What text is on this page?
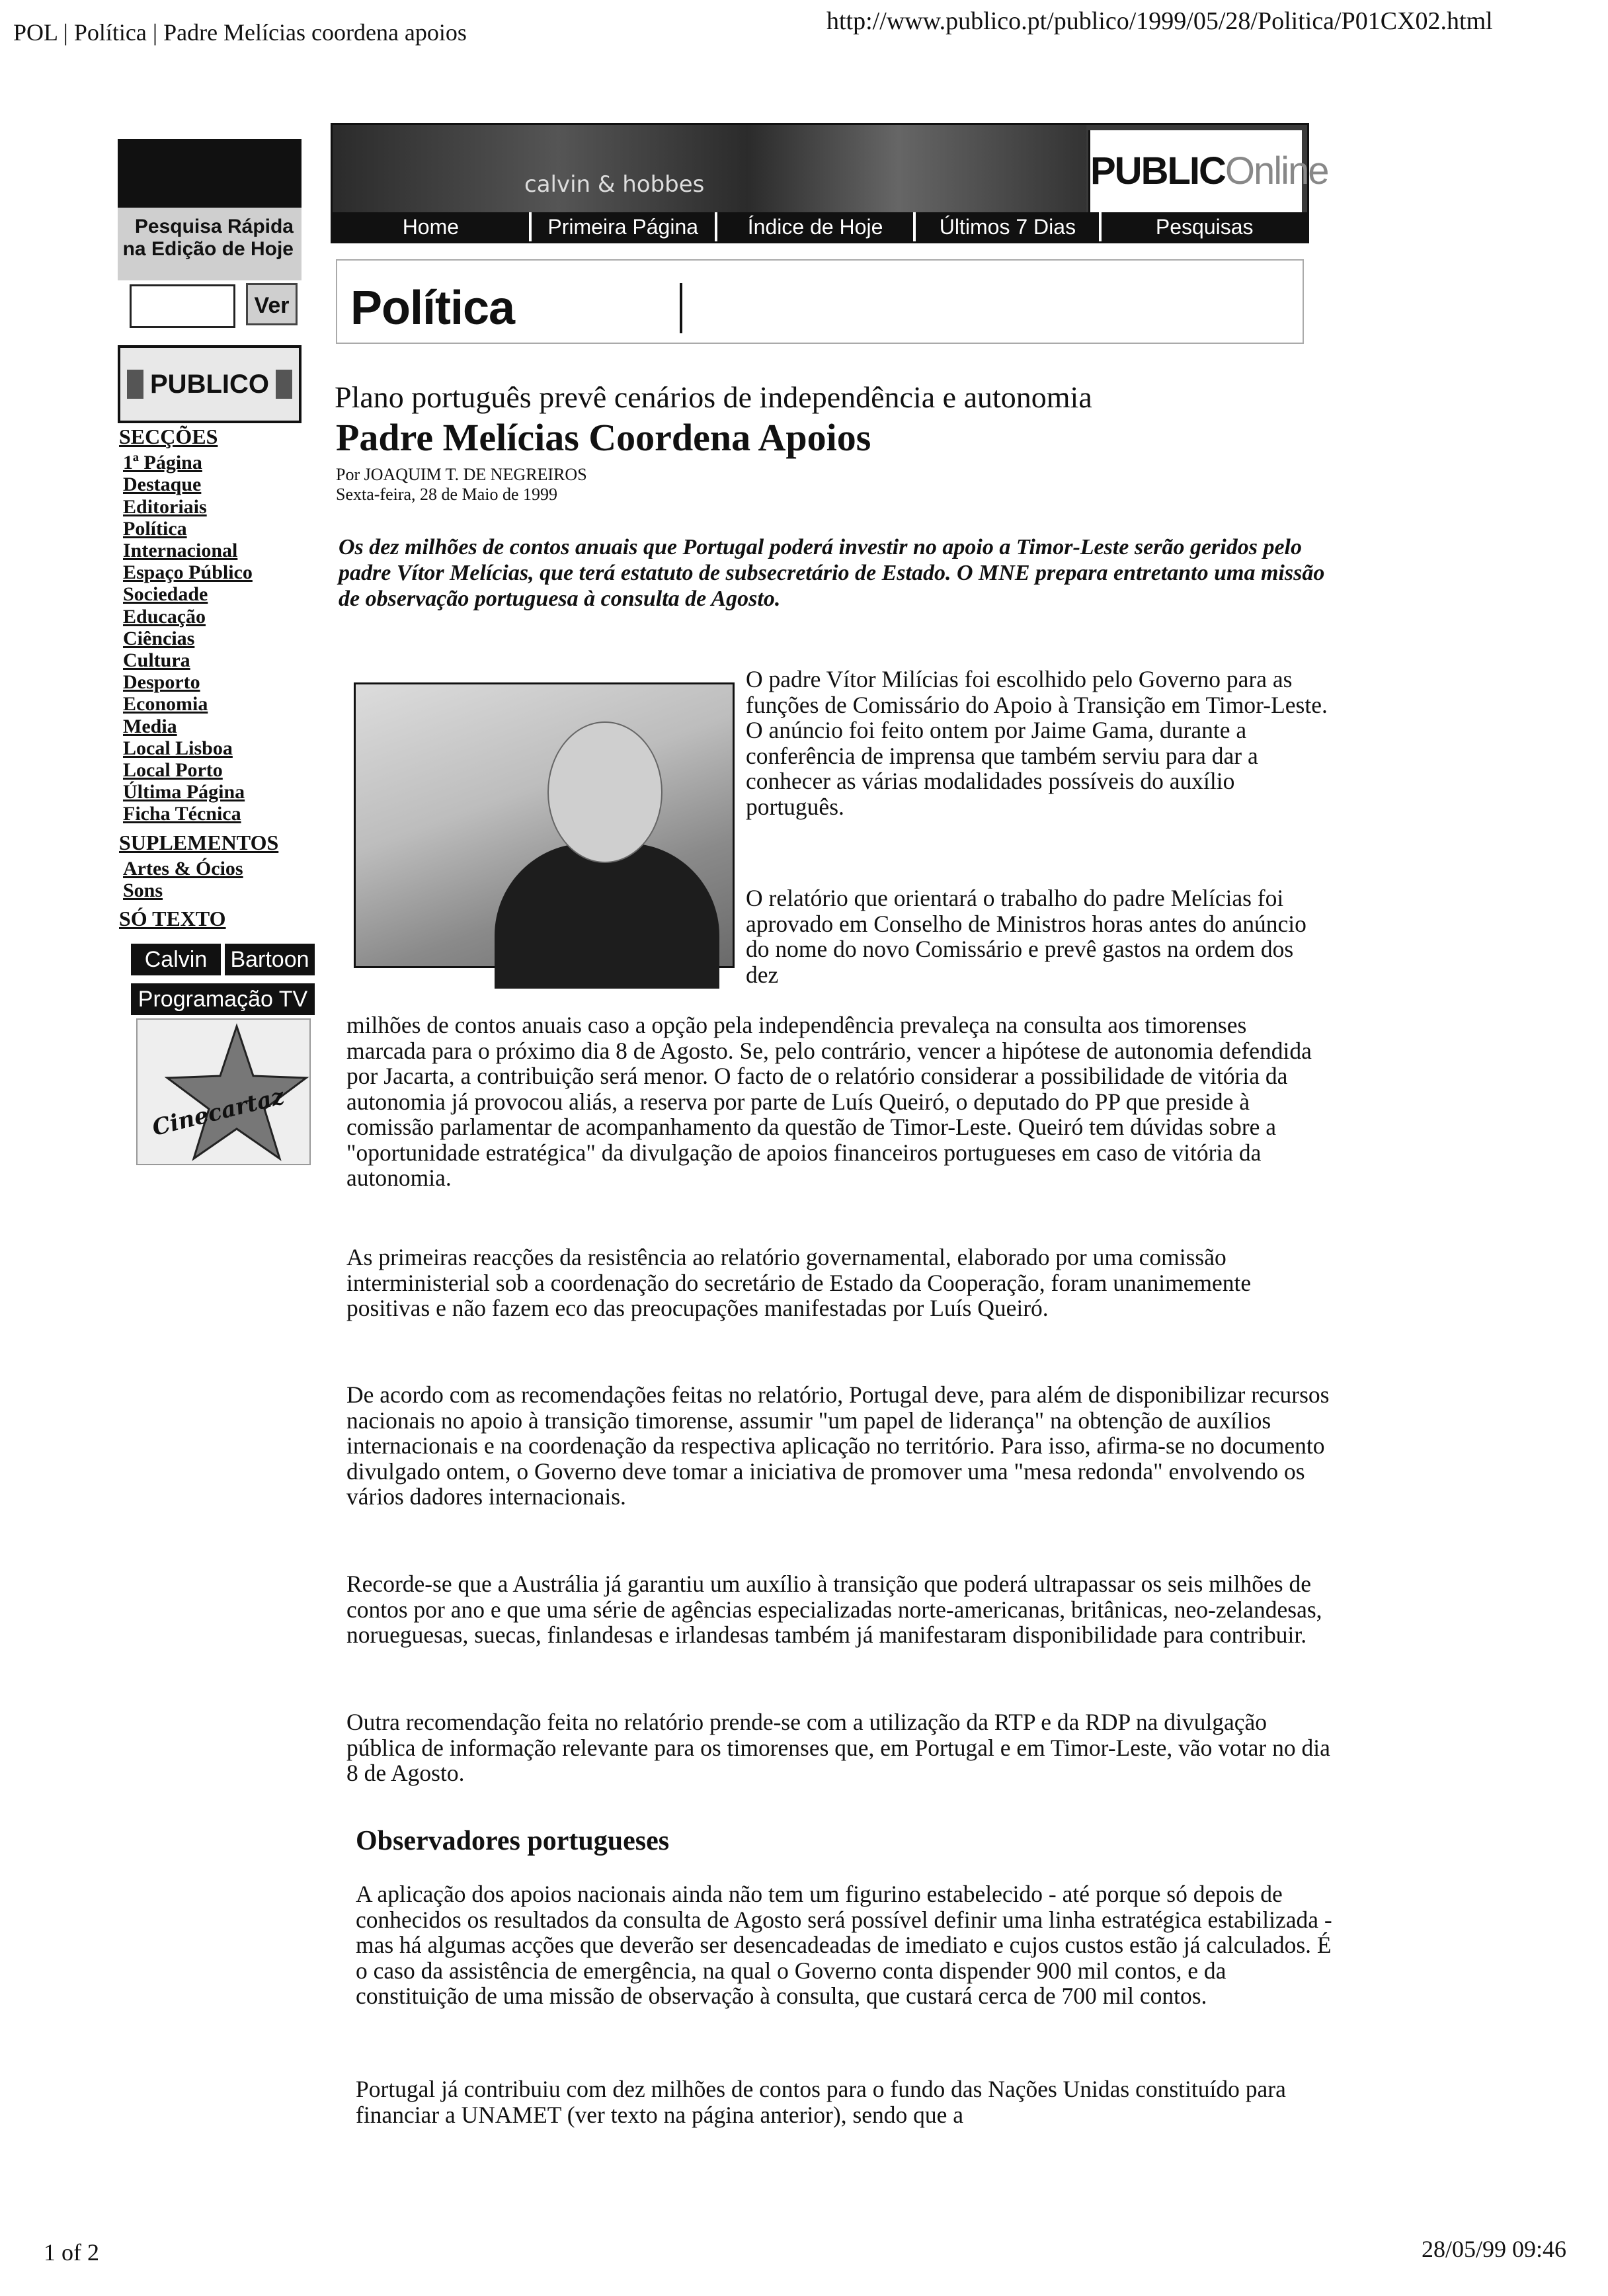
POL | Política | Padre Melícias coordena apoios	http://www.publico.pt/publico/1999/05/28/Politica/P01CX02.html
1 of 2	28/05/99 09:46
Pesquisa Rápida
na Edição de Hoje
Ver
PUBLICO
SECÇÕES
1ª Página
Destaque
Editoriais
Política
Internacional
Espaço Público
Sociedade
Educação
Ciências
Cultura
Desporto
Economia
Media
Local Lisboa
Local Porto
Última Página
Ficha Técnica
SUPLEMENTOS
Artes & Ócios
Sons
SÓ TEXTO
Calvin	Bartoon
Programação TV
Cinecartaz
calvin & hobbes	PUBLICOnline
Home	Primeira Página	Índice de Hoje	Últimos 7 Dias	Pesquisas
Política
Plano português prevê cenários de independência e autonomia
Padre Melícias Coordena Apoios
Por JOAQUIM T. DE NEGREIROS
Sexta-feira, 28 de Maio de 1999
Os dez milhões de contos anuais que Portugal poderá investir no apoio a Timor-Leste serão geridos pelo padre Vítor Melícias, que terá estatuto de subsecretário de Estado. O MNE prepara entretanto uma missão de observação portuguesa à consulta de Agosto.
O padre Vítor Milícias foi escolhido pelo Governo para as funções de Comissário do Apoio à Transição em Timor-Leste. O anúncio foi feito ontem por Jaime Gama, durante a conferência de imprensa que também serviu para dar a conhecer as várias modalidades possíveis do auxílio português.
O relatório que orientará o trabalho do padre Melícias foi aprovado em Conselho de Ministros horas antes do anúncio do nome do novo Comissário e prevê gastos na ordem dos dez
milhões de contos anuais caso a opção pela independência prevaleça na consulta aos timorenses marcada para o próximo dia 8 de Agosto. Se, pelo contrário, vencer a hipótese de autonomia defendida por Jacarta, a contribuição será menor. O facto de o relatório considerar a possibilidade de vitória da autonomia já provocou aliás, a reserva por parte de Luís Queiró, o deputado do PP que preside à comissão parlamentar de acompanhamento da questão de Timor-Leste. Queiró tem dúvidas sobre a "oportunidade estratégica" da divulgação de apoios financeiros portugueses em caso de vitória da autonomia.
As primeiras reacções da resistência ao relatório governamental, elaborado por uma comissão interministerial sob a coordenação do secretário de Estado da Cooperação, foram unanimemente positivas e não fazem eco das preocupações manifestadas por Luís Queiró.
De acordo com as recomendações feitas no relatório, Portugal deve, para além de disponibilizar recursos nacionais no apoio à transição timorense, assumir "um papel de liderança" na obtenção de auxílios internacionais e na coordenação da respectiva aplicação no território. Para isso, afirma-se no documento divulgado ontem, o Governo deve tomar a iniciativa de promover uma "mesa redonda" envolvendo os vários dadores internacionais.
Recorde-se que a Austrália já garantiu um auxílio à transição que poderá ultrapassar os seis milhões de contos por ano e que uma série de agências especializadas norte-americanas, britânicas, neo-zelandesas, norueguesas, suecas, finlandesas e irlandesas também já manifestaram disponibilidade para contribuir.
Outra recomendação feita no relatório prende-se com a utilização da RTP e da RDP na divulgação pública de informação relevante para os timorenses que, em Portugal e em Timor-Leste, vão votar no dia 8 de Agosto.
Observadores portugueses
A aplicação dos apoios nacionais ainda não tem um figurino estabelecido - até porque só depois de conhecidos os resultados da consulta de Agosto será possível definir uma linha estratégica estabilizada - mas há algumas acções que deverão ser desencadeadas de imediato e cujos custos estão já calculados. É o caso da assistência de emergência, na qual o Governo conta dispender 900 mil contos, e da constituição de uma missão de observação à consulta, que custará cerca de 700 mil contos.
Portugal já contribuiu com dez milhões de contos para o fundo das Nações Unidas constituído para financiar a UNAMET (ver texto na página anterior), sendo que a
